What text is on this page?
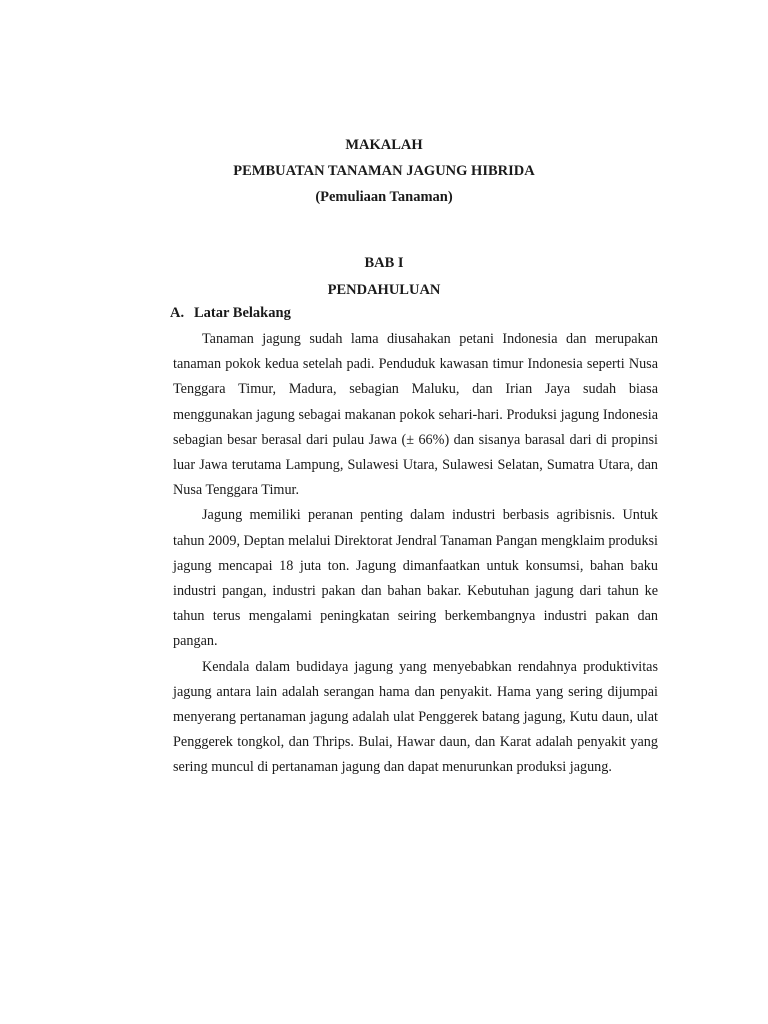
MAKALAH
PEMBUATAN TANAMAN JAGUNG HIBRIDA
(Pemuliaan Tanaman)
BAB I
PENDAHULUAN
A. Latar Belakang

Tanaman jagung sudah lama diusahakan petani Indonesia dan merupakan tanaman pokok kedua setelah padi. Penduduk kawasan timur Indonesia seperti Nusa Tenggara Timur, Madura, sebagian Maluku, dan Irian Jaya sudah biasa menggunakan jagung sebagai makanan pokok sehari-hari. Produksi jagung Indonesia sebagian besar berasal dari pulau Jawa (± 66%) dan sisanya barasal dari di propinsi luar Jawa terutama Lampung, Sulawesi Utara, Sulawesi Selatan, Sumatra Utara, dan Nusa Tenggara Timur.

Jagung memiliki peranan penting dalam industri berbasis agribisnis. Untuk tahun 2009, Deptan melalui Direktorat Jendral Tanaman Pangan mengklaim produksi jagung mencapai 18 juta ton. Jagung dimanfaatkan untuk konsumsi, bahan baku industri pangan, industri pakan dan bahan bakar. Kebutuhan jagung dari tahun ke tahun terus mengalami peningkatan seiring berkembangnya industri pakan dan pangan.

Kendala dalam budidaya jagung yang menyebabkan rendahnya produktivitas jagung antara lain adalah serangan hama dan penyakit. Hama yang sering dijumpai menyerang pertanaman jagung adalah ulat Penggerek batang jagung, Kutu daun, ulat Penggerek tongkol, dan Thrips. Bulai, Hawar daun, dan Karat adalah penyakit yang sering muncul di pertanaman jagung dan dapat menurunkan produksi jagung.
